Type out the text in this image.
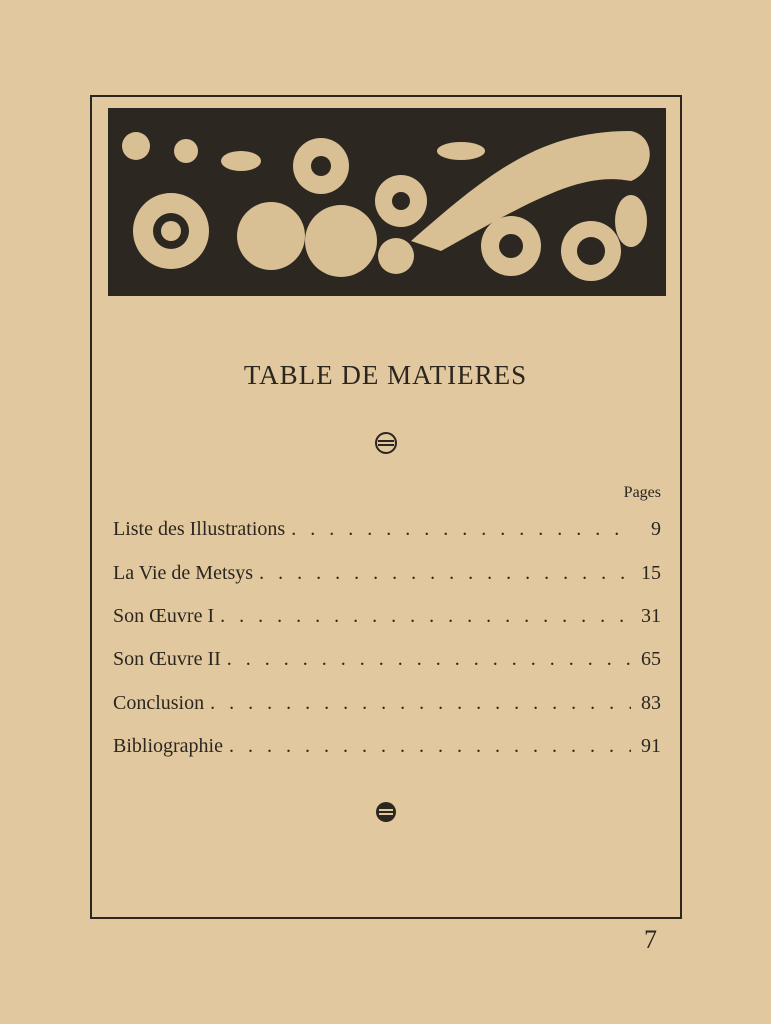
TABLE DE MATIERES
Pages
Liste des Illustrations . . .	9
La Vie de Metsys . . .	15
Son Œuvre I . . .	31
Son Œuvre II . . .	65
Conclusion . . .	83
Bibliographie . . .	91
7
